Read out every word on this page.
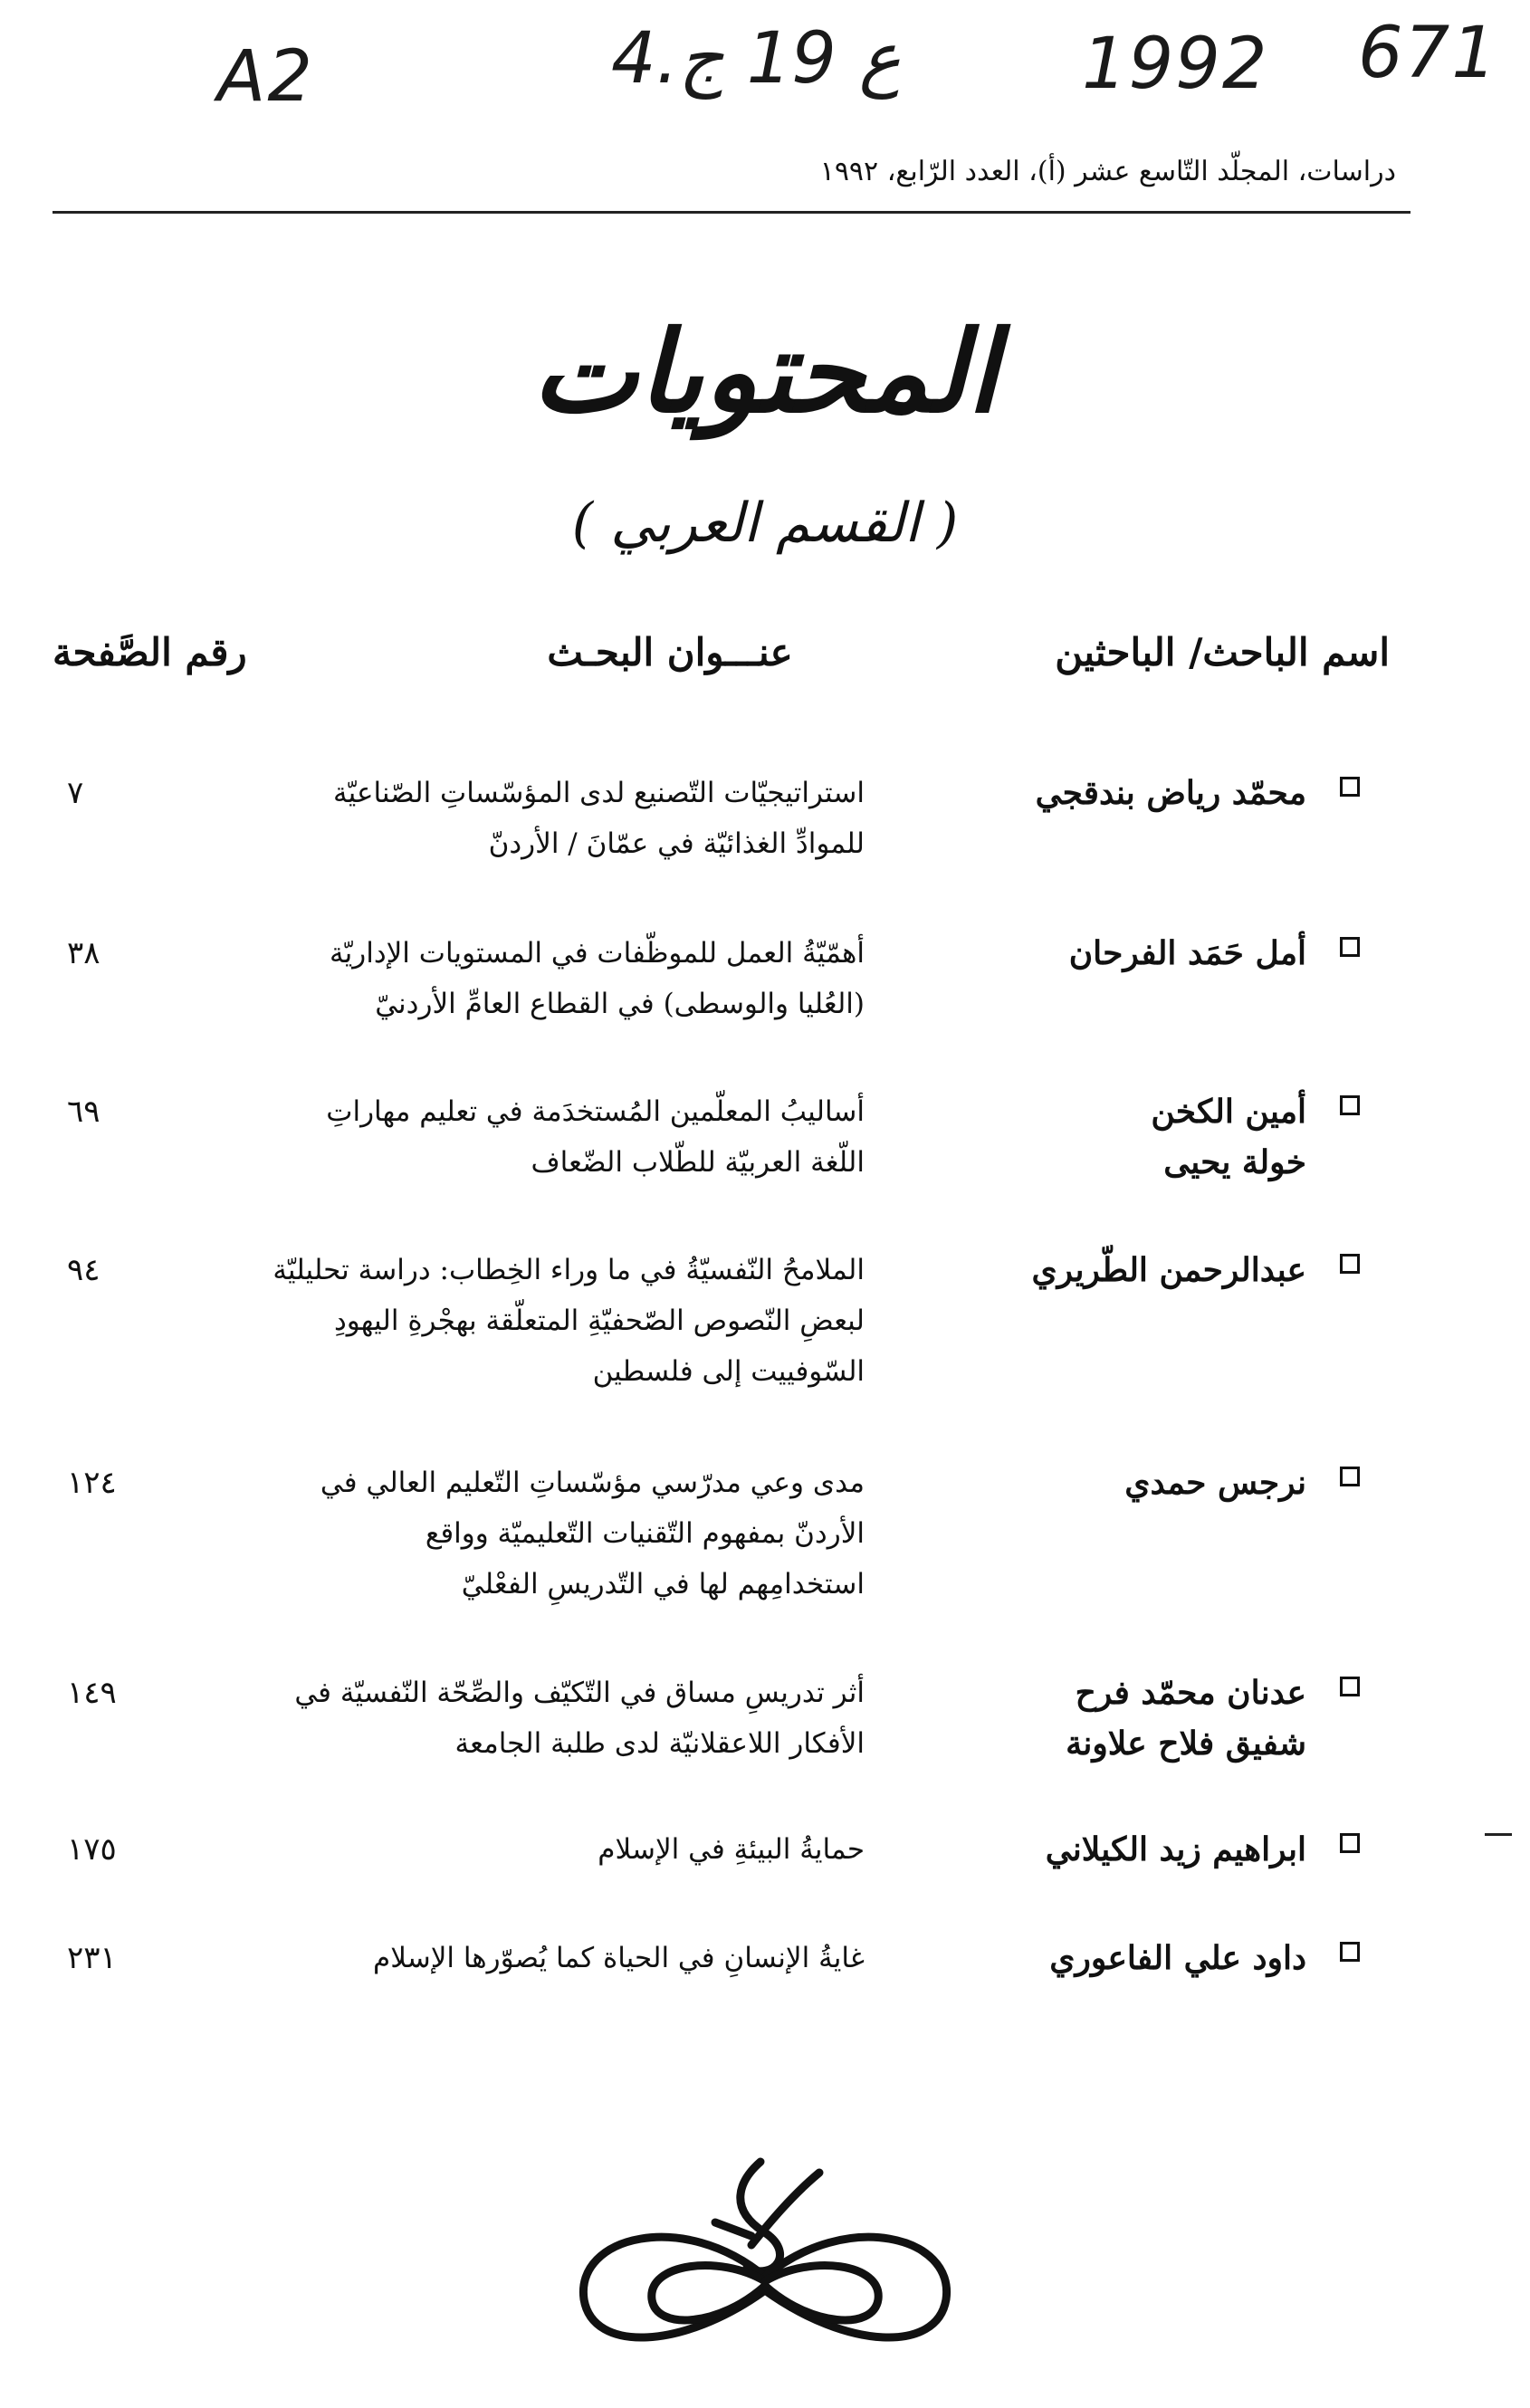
A2	4.ع 19 ج	1992 671
دراسات، المجلّد التّاسع عشر (أ)، العدد الرّابع، ١٩٩٢
المحتويات
( القسم العربي )
اسم الباحث/ الباحثين
عنـــوان البحـث
رقم الصَّفحة
محمّد رياض بندقجي
استراتيجيّات التّصنيع لدى المؤسّساتِ الصّناعيّة
للموادِّ الغذائيّة في عمّانَ / الأردنّ
٧
أمل حَمَد الفرحان
أهمّيّةُ العمل للموظّفات في المستويات الإداريّة
(العُليا والوسطى) في القطاع العامِّ الأردنيّ
٣٨
أمين الكخن
خولة يحيى
أساليبُ المعلّمين المُستخدَمة في تعليم مهاراتِ
اللّغة العربيّة للطّلاب الضّعاف
٦٩
عبدالرحمن الطّريري
الملامحُ النّفسيّةُ في ما وراء الخِطاب: دراسة تحليليّة
لبعضِ النّصوص الصّحفيّةِ المتعلّقة بهجْرةِ اليهودِ
السّوفييت إلى فلسطين
٩٤
نرجس حمدي
مدى وعي مدرّسي مؤسّساتِ التّعليم العالي في
الأردنّ بمفهوم التّقنيات التّعليميّة وواقع
استخدامِهم لها في التّدريسِ الفعْليّ
١٢٤
عدنان محمّد فرح
شفيق فلاح علاونة
أثر تدريسِ مساق في التّكيّف والصِّحّة النّفسيّة في
الأفكار اللاعقلانيّة لدى طلبة الجامعة
١٤٩
ابراهيم زيد الكيلاني
حمايةُ البيئةِ في الإسلام
١٧٥
داود علي الفاعوري
غايةُ الإنسانِ في الحياة كما يُصوّرها الإسلام
٢٣١
